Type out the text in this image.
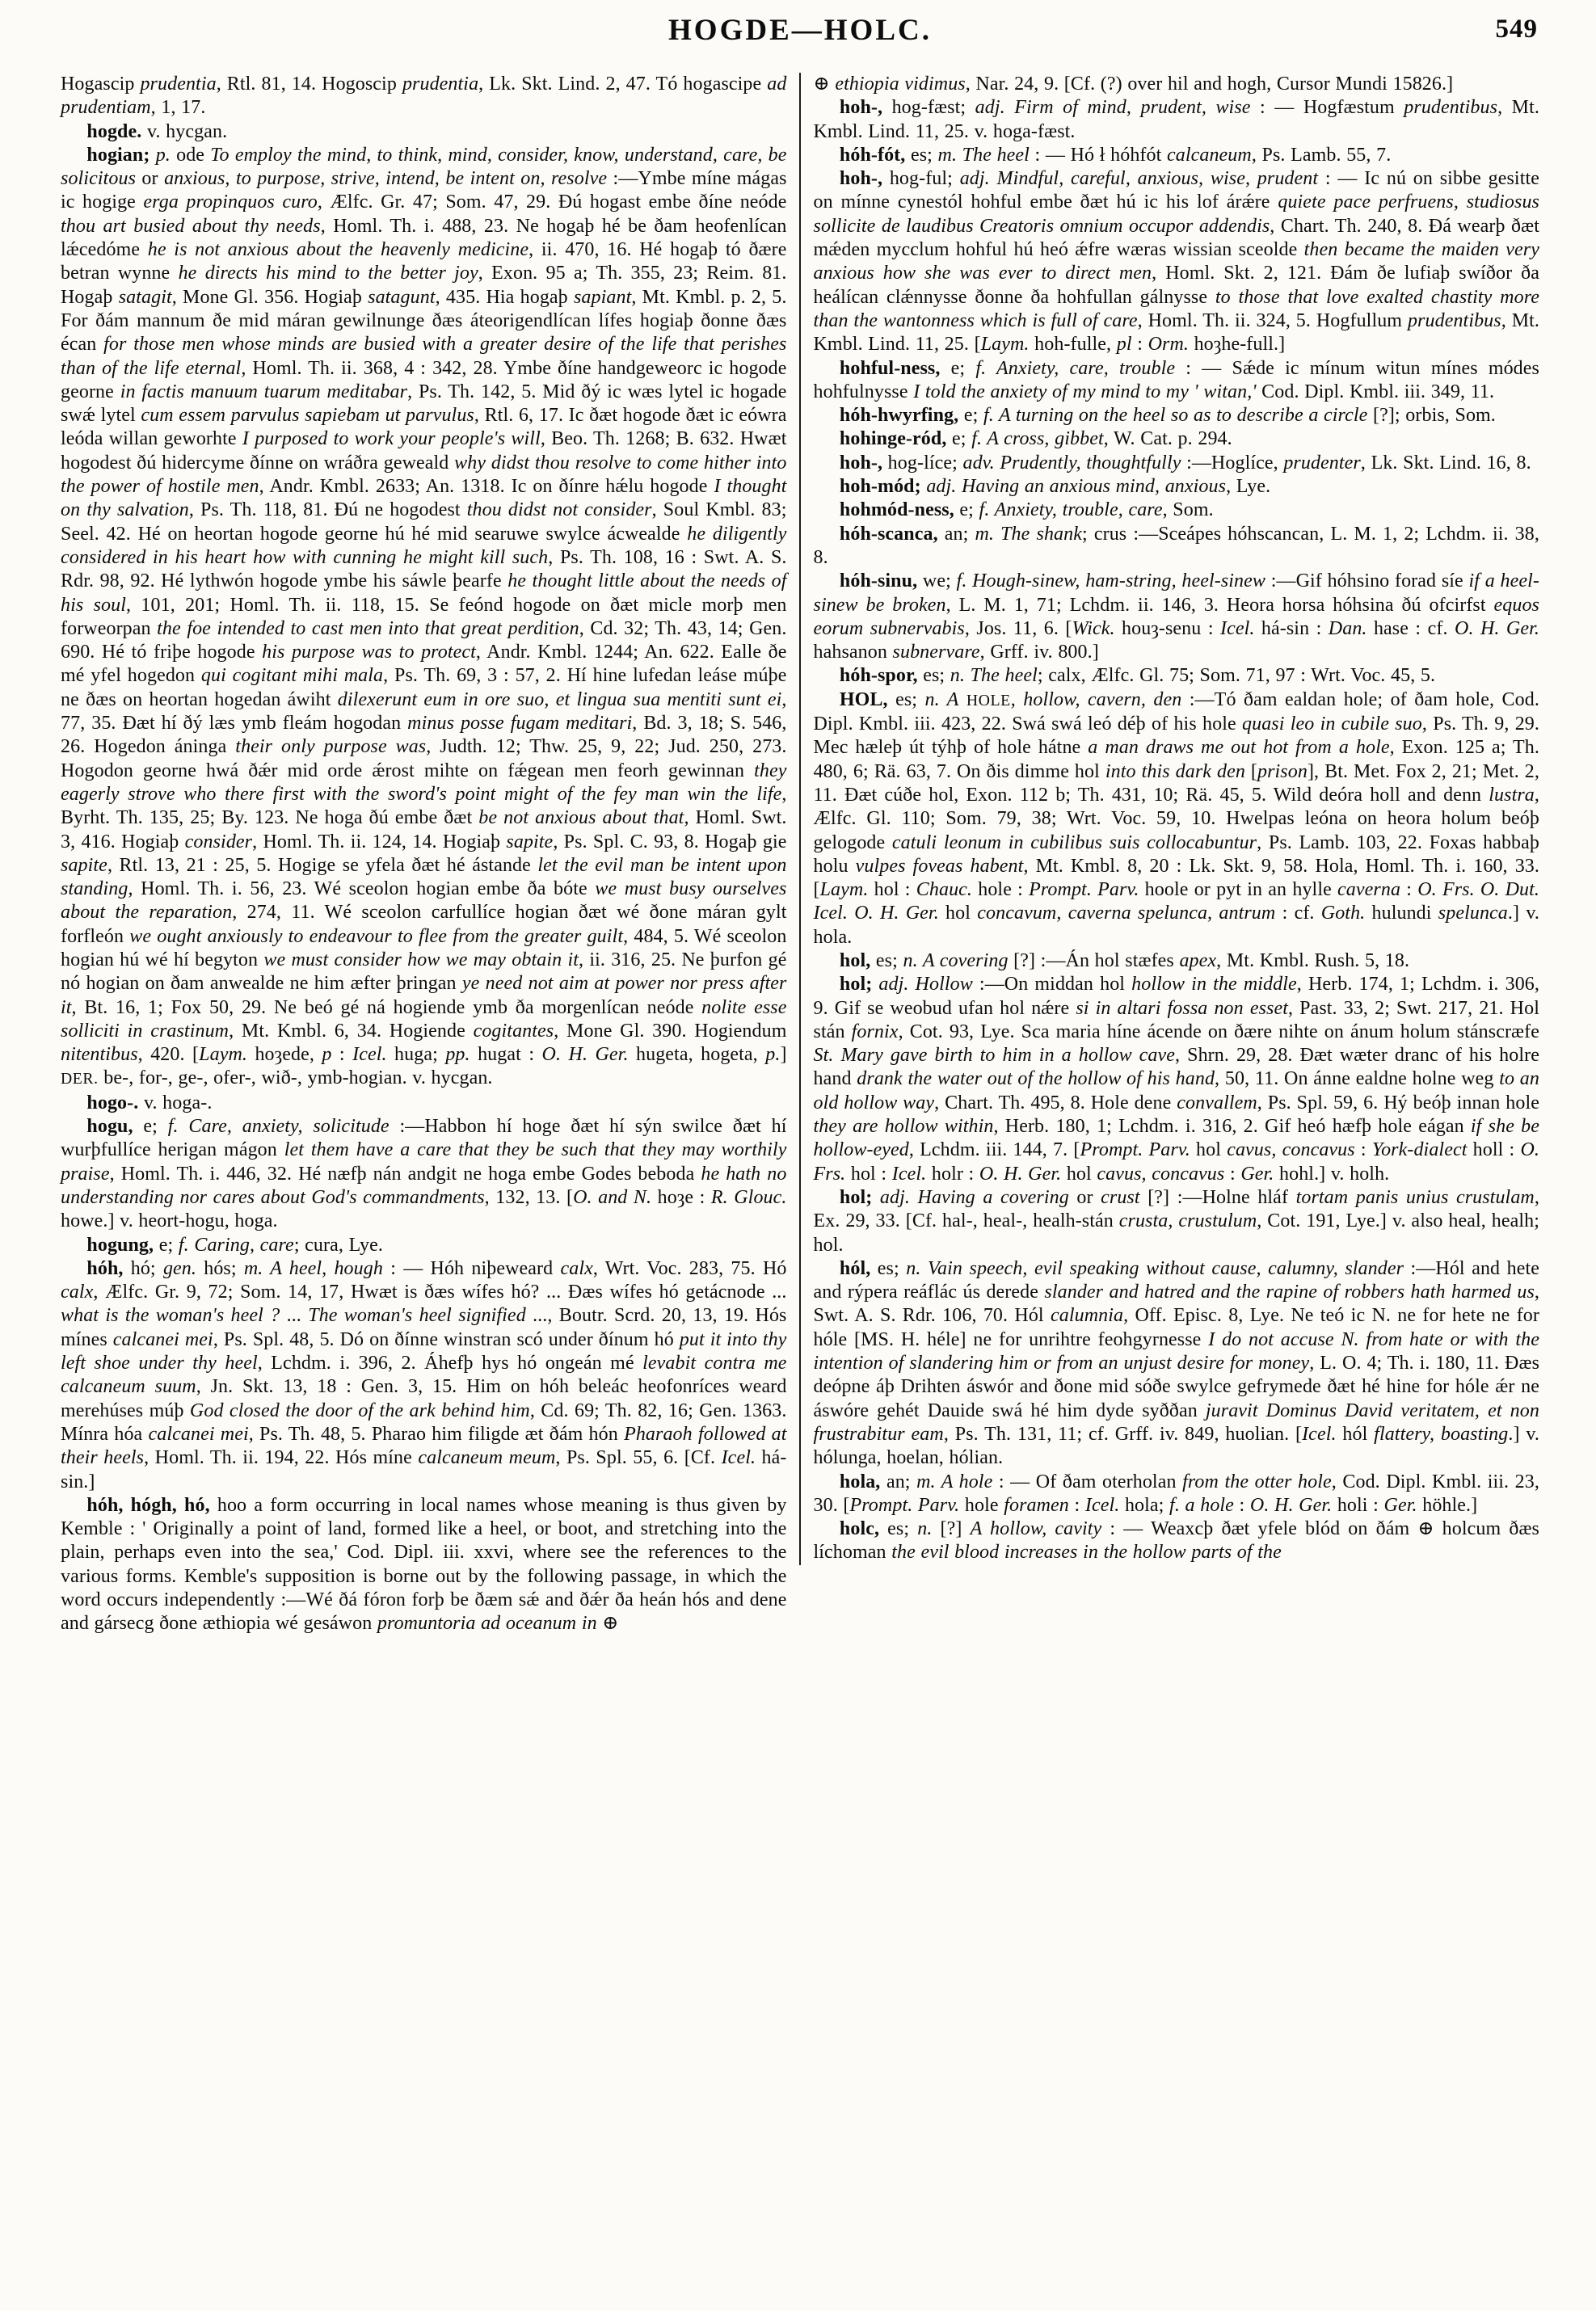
HOGDE—HOLC.	549

Hogascip prudentia, Rtl. 81, 14. Hogoscip prudentia, Lk. Skt. Lind. 2, 47. Tó hogascipe ad prudentiam, 1, 17.

hogde. v. hycgan.

hogian; p. ode To employ the mind, to think, mind, consider, know, understand, care, be solicitous or anxious, to purpose, strive, intend, be intent on, resolve :—Ymbe míne mágas ic hogige erga propinquos curo, Ælfc. Gr. 47; Som. 47, 29. Ðú hogast embe ðíne neóde thou art busied about thy needs, Homl. Th. i. 488, 23. Ne hogaþ hé be ðam heofenlícan lǽcedóme he is not anxious about the heavenly medicine, ii. 470, 16. Hé hogaþ tó ðære betran wynne he directs his mind to the better joy, Exon. 95 a; Th. 355, 23; Reim. 81. Hogaþ satagit, Mone Gl. 356. Hogiaþ satagunt, 435. Hia hogaþ sapiant, Mt. Kmbl. p. 2, 5. For ðám mannum ðe mid máran gewilnunge ðæs áteorigendlícan lífes hogiaþ ðonne ðæs écan for those men whose minds are busied with a greater desire of the life that perishes than of the life eternal, Homl. Th. ii. 368, 4 : 342, 28. Ymbe ðíne handgeweorc ic hogode georne in factis manuum tuarum meditabar, Ps. Th. 142, 5. Mid ðý ic wæs lytel ic hogade swǽ lytel cum essem parvulus sapiebam ut parvulus, Rtl. 6, 17. Ic ðæt hogode ðæt ic eówra leóda willan geworhte I purposed to work your people's will, Beo. Th. 1268; B. 632. Hwæt hogodest ðú hidercyme ðínne on wráðra geweald why didst thou resolve to come hither into the power of hostile men, Andr. Kmbl. 2633; An. 1318. Ic on ðínre hǽlu hogode I thought on thy salvation, Ps. Th. 118, 81. Ðú ne hogodest thou didst not consider, Soul Kmbl. 83; Seel. 42. Hé on heortan hogode georne hú hé mid searuwe swylce ácwealde he diligently considered in his heart how with cunning he might kill such, Ps. Th. 108, 16 : Swt. A. S. Rdr. 98, 92. Hé lythwón hogode ymbe his sáwle þearfe he thought little about the needs of his soul, 101, 201; Homl. Th. ii. 118, 15. Se feónd hogode on ðæt micle morþ men forweorpan the foe intended to cast men into that great perdition, Cd. 32; Th. 43, 14; Gen. 690. Hé tó friþe hogode his purpose was to protect, Andr. Kmbl. 1244; An. 622. Ealle ðe mé yfel hogedon qui cogitant mihi mala, Ps. Th. 69, 3 : 57, 2. Hí hine lufedan leáse múþe ne ðæs on heortan hogedan áwiht dilexerunt eum in ore suo, et lingua sua mentiti sunt ei, 77, 35. Ðæt hí ðý læs ymb fleám hogodan minus posse fugam meditari, Bd. 3, 18; S. 546, 26. Hogedon áninga their only purpose was, Judth. 12; Thw. 25, 9, 22; Jud. 250, 273. Hogodon georne hwá ðǽr mid orde ǽrost mihte on fǽgean men feorh gewinnan they eagerly strove who there first with the sword's point might of the fey man win the life, Byrht. Th. 135, 25; By. 123. Ne hoga ðú embe ðæt be not anxious about that, Homl. Swt. 3, 416. Hogiaþ consider, Homl. Th. ii. 124, 14. Hogiaþ sapite, Ps. Spl. C. 93, 8. Hogaþ gie sapite, Rtl. 13, 21 : 25, 5. Hogige se yfela ðæt hé ástande let the evil man be intent upon standing, Homl. Th. i. 56, 23. Wé sceolon hogian embe ða bóte we must busy ourselves about the reparation, 274, 11. Wé sceolon carfullíce hogian ðæt wé ðone máran gylt forfleón we ought anxiously to endeavour to flee from the greater guilt, 484, 5. Wé sceolon hogian hú wé hí begyton we must consider how we may obtain it, ii. 316, 25. Ne þurfon gé nó hogian on ðam anwealde ne him æfter þringan ye need not aim at power nor press after it, Bt. 16, 1; Fox 50, 29. Ne beó gé ná hogiende ymb ða morgenlícan neóde nolite esse solliciti in crastinum, Mt. Kmbl. 6, 34. Hogiende cogitantes, Mone Gl. 390. Hogiendum nitentibus, 420. [Laym. hoȝede, p : Icel. huga; pp. hugat : O. H. Ger. hugeta, hogeta, p.] DER. be-, for-, ge-, ofer-, wið-, ymb-hogian. v. hycgan.

hogo-. v. hoga-.

hogu, e; f. Care, anxiety, solicitude :—Habbon hí hoge ðæt hí sýn swilce ðæt hí wurþfullíce herigan mágon let them have a care that they be such that they may worthily praise, Homl. Th. i. 446, 32. Hé næfþ nán andgit ne hoga embe Godes beboda he hath no understanding nor cares about God's commandments, 132, 13. [O. and N. hoȝe : R. Glouc. howe.] v. heort-hogu, hoga.

hogung, e; f. Caring, care; cura, Lye.

hóh, hó; gen. hós; m. A heel, hough : — Hóh niþeweard calx, Wrt. Voc. 283, 75. Hó calx, Ælfc. Gr. 9, 72; Som. 14, 17, Hwæt is ðæs wífes hó? ... Ðæs wífes hó getácnode ... what is the woman's heel ? ... The woman's heel signified ..., Boutr. Scrd. 20, 13, 19. Hós mínes calcanei mei, Ps. Spl. 48, 5. Dó on ðínne winstran scó under ðínum hó put it into thy left shoe under thy heel, Lchdm. i. 396, 2. Áhefþ hys hó ongeán mé levabit contra me calcaneum suum, Jn. Skt. 13, 18 : Gen. 3, 15. Him on hóh beleác heofonríces weard merehúses múþ God closed the door of the ark behind him, Cd. 69; Th. 82, 16; Gen. 1363. Mínra hóa calcanei mei, Ps. Th. 48, 5. Pharao him filigde æt ðám hón Pharaoh followed at their heels, Homl. Th. ii. 194, 22. Hós míne calcaneum meum, Ps. Spl. 55, 6. [Cf. Icel. há-sin.]

hóh, hógh, hó, hoo a form occurring in local names whose meaning is thus given by Kemble : ' Originally a point of land, formed like a heel, or boot, and stretching into the plain, perhaps even into the sea,' Cod. Dipl. iii. xxvi, where see the references to the various forms. Kemble's supposition is borne out by the following passage, in which the word occurs independently :—Wé ðá fóron forþ be ðæm sǽ and ðǽr ða heán hós and dene and gársecg ðone æthiopia wé gesáwon promuntoria ad oceanum in ⊕

⊕ ethiopia vidimus, Nar. 24, 9. [Cf. (?) over hil and hogh, Cursor Mundi 15826.]

hoh-, hog-fæst; adj. Firm of mind, prudent, wise : — Hogfæstum prudentibus, Mt. Kmbl. Lind. 11, 25. v. hoga-fæst.

hóh-fót, es; m. The heel : — Hó ł hóhfót calcaneum, Ps. Lamb. 55, 7.

hoh-, hog-ful; adj. Mindful, careful, anxious, wise, prudent : — Ic nú on sibbe gesitte on mínne cynestól hohful embe ðæt hú ic his lof árǽre quiete pace perfruens, studiosus sollicite de laudibus Creatoris omnium occupor addendis, Chart. Th. 240, 8. Ðá wearþ ðæt mǽden mycclum hohful hú heó ǽfre wæras wissian sceolde then became the maiden very anxious how she was ever to direct men, Homl. Skt. 2, 121. Ðám ðe lufiaþ swíðor ða heálícan clǽnnysse ðonne ða hohfullan gálnysse to those that love exalted chastity more than the wantonness which is full of care, Homl. Th. ii. 324, 5. Hogfullum prudentibus, Mt. Kmbl. Lind. 11, 25. [Laym. hoh-fulle, pl : Orm. hoȝhe-full.]

hohful-ness, e; f. Anxiety, care, trouble : — Sǽde ic mínum witun mínes módes hohfulnysse I told the anxiety of my mind to my ' witan,' Cod. Dipl. Kmbl. iii. 349, 11.

hóh-hwyrfing, e; f. A turning on the heel so as to describe a circle [?]; orbis, Som.

hohinge-ród, e; f. A cross, gibbet, W. Cat. p. 294.

hoh-, hog-líce; adv. Prudently, thoughtfully :—Hoglíce, prudenter, Lk. Skt. Lind. 16, 8.

hoh-mód; adj. Having an anxious mind, anxious, Lye.

hohmód-ness, e; f. Anxiety, trouble, care, Som.

hóh-scanca, an; m. The shank; crus :—Sceápes hóhscancan, L. M. 1, 2; Lchdm. ii. 38, 8.

hóh-sinu, we; f. Hough-sinew, ham-string, heel-sinew :—Gif hóhsino forad síe if a heel-sinew be broken, L. M. 1, 71; Lchdm. ii. 146, 3. Heora horsa hóhsina ðú ofcirfst equos eorum subnervabis, Jos. 11, 6. [Wick. houȝ-senu : Icel. há-sin : Dan. hase : cf. O. H. Ger. hahsanon subnervare, Grff. iv. 800.]

hóh-spor, es; n. The heel; calx, Ælfc. Gl. 75; Som. 71, 97 : Wrt. Voc. 45, 5.

HOL, es; n. A HOLE, hollow, cavern, den :—Tó ðam ealdan hole; of ðam hole, Cod. Dipl. Kmbl. iii. 423, 22. Swá swá leó déþ of his hole quasi leo in cubile suo, Ps. Th. 9, 29. Mec hæleþ út týhþ of hole hátne a man draws me out hot from a hole, Exon. 125 a; Th. 480, 6; Rä. 63, 7. On ðis dimme hol into this dark den [prison], Bt. Met. Fox 2, 21; Met. 2, 11. Ðæt cúðe hol, Exon. 112 b; Th. 431, 10; Rä. 45, 5. Wild deóra holl and denn lustra, Ælfc. Gl. 110; Som. 79, 38; Wrt. Voc. 59, 10. Hwelpas leóna on heora holum beóþ gelogode catuli leonum in cubilibus suis collocabuntur, Ps. Lamb. 103, 22. Foxas habbaþ holu vulpes foveas habent, Mt. Kmbl. 8, 20 : Lk. Skt. 9, 58. Hola, Homl. Th. i. 160, 33. [Laym. hol : Chauc. hole : Prompt. Parv. hoole or pyt in an hylle caverna : O. Frs. O. Dut. Icel. O. H. Ger. hol concavum, caverna spelunca, antrum : cf. Goth. hulundi spelunca.] v. hola.

hol, es; n. A covering [?] :—Án hol stæfes apex, Mt. Kmbl. Rush. 5, 18.

hol; adj. Hollow :—On middan hol hollow in the middle, Herb. 174, 1; Lchdm. i. 306, 9. Gif se weobud ufan hol nǽre si in altari fossa non esset, Past. 33, 2; Swt. 217, 21. Hol stán fornix, Cot. 93, Lye. Sca maria híne ácende on ðære nihte on ánum holum stánscræfe St. Mary gave birth to him in a hollow cave, Shrn. 29, 28. Ðæt wæter dranc of his holre hand drank the water out of the hollow of his hand, 50, 11. On ánne ealdne holne weg to an old hollow way, Chart. Th. 495, 8. Hole dene convallem, Ps. Spl. 59, 6. Hý beóþ innan hole they are hollow within, Herb. 180, 1; Lchdm. i. 316, 2. Gif heó hæfþ hole eágan if she be hollow-eyed, Lchdm. iii. 144, 7. [Prompt. Parv. hol cavus, concavus : York-dialect holl : O. Frs. hol : Icel. holr : O. H. Ger. hol cavus, concavus : Ger. hohl.] v. holh.

hol; adj. Having a covering or crust [?] :—Holne hláf tortam panis unius crustulam, Ex. 29, 33. [Cf. hal-, heal-, healh-stán crusta, crustulum, Cot. 191, Lye.] v. also heal, healh; hol.

hól, es; n. Vain speech, evil speaking without cause, calumny, slander :—Hól and hete and rýpera reáflác ús derede slander and hatred and the rapine of robbers hath harmed us, Swt. A. S. Rdr. 106, 70. Hól calumnia, Off. Episc. 8, Lye. Ne teó ic N. ne for hete ne for hóle [MS. H. héle] ne for unrihtre feohgyrnesse I do not accuse N. from hate or with the intention of slandering him or from an unjust desire for money, L. O. 4; Th. i. 180, 11. Ðæs deópne áþ Drihten áswór and ðone mid sóðe swylce gefrymede ðæt hé hine for hóle ǽr ne áswóre gehét Dauide swá hé him dyde syððan juravit Dominus David veritatem, et non frustrabitur eam, Ps. Th. 131, 11; cf. Grff. iv. 849, huolian. [Icel. hól flattery, boasting.] v. hólunga, hoelan, hólian.

hola, an; m. A hole : — Of ðam oterholan from the otter hole, Cod. Dipl. Kmbl. iii. 23, 30. [Prompt. Parv. hole foramen : Icel. hola; f. a hole : O. H. Ger. holi : Ger. höhle.]

holc, es; n. [?] A hollow, cavity : — Weaxcþ ðæt yfele blód on ðám ⊕ holcum ðæs líchoman the evil blood increases in the hollow parts of the
